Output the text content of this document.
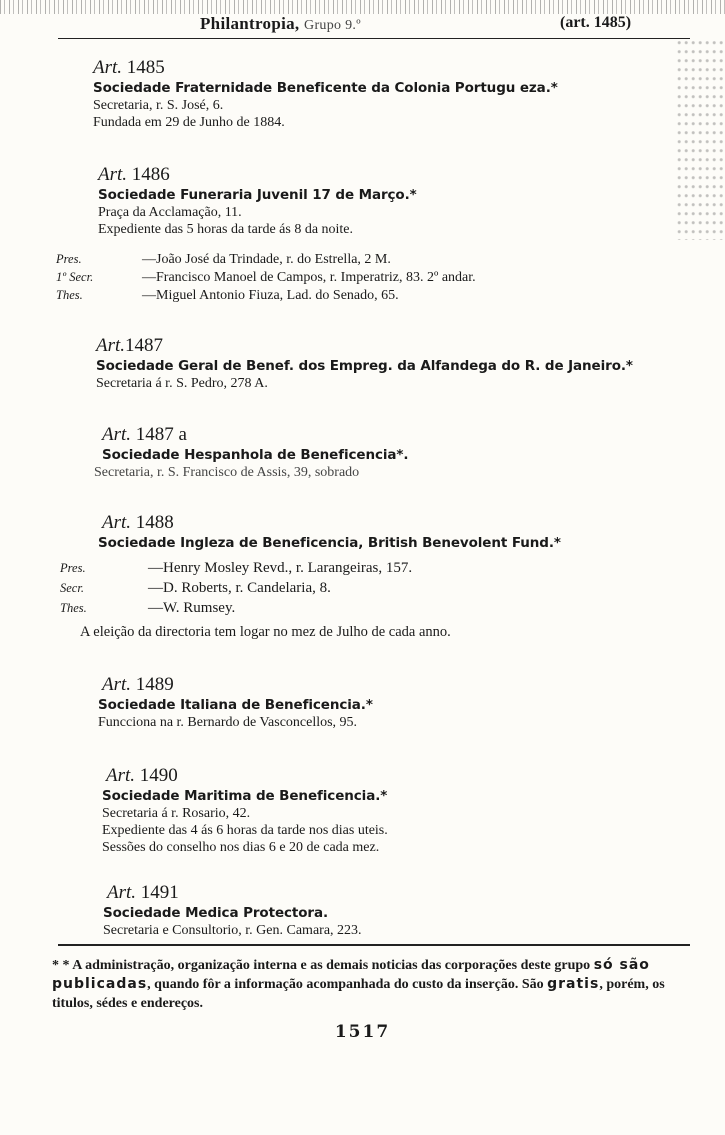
Philantropia, Grupo 9.º	(art. 1485)
Art. 1485
Sociedade Fraternidade Beneficente da Colonia Portugu eza.*
Secretaria, r. S. José, 6.
Fundada em 29 de Junho de 1884.
Art. 1486
Sociedade Funeraria Juvenil 17 de Março.*
Praça da Acclamação, 11.
Expediente das 5 horas da tarde ás 8 da noite.
Pres.	—João José da Trindade, r. do Estrella, 2 M.
1º Secr.	—Francisco Manoel de Campos, r. Imperatriz, 83. 2º andar.
Thes.	—Miguel Antonio Fiuza, Lad. do Senado, 65.
Art.1487
Sociedade Geral de Benef. dos Empreg. da Alfandega do R. de Janeiro.*
Secretaria á r. S. Pedro, 278 A.
Art. 1487 a
Sociedade Hespanhola de Beneficencia*.
Secretaria, r. S. Francisco de Assis, 39, sobrado
Art. 1488
Sociedade Ingleza de Beneficencia, British Benevolent Fund.*
Pres.	—Henry Mosley Revd., r. Larangeiras, 157.
Secr.	—D. Roberts, r. Candelaria, 8.
Thes.	—W. Rumsey.
A eleição da directoria tem logar no mez de Julho de cada anno.
Art. 1489
Sociedade Italiana de Beneficencia.*
Funcciona na r. Bernardo de Vasconcellos, 95.
Art. 1490
Sociedade Maritima de Beneficencia.*
Secretaria á r. Rosario, 42.
Expediente das 4 ás 6 horas da tarde nos dias uteis.
Sessões do conselho nos dias 6 e 20 de cada mez.
Art. 1491
Sociedade Medica Protectora.
Secretaria e Consultorio, r. Gen. Camara, 223.
* * A administração, organização interna e as demais noticias das corporações deste grupo só são publicadas, quando fôr a informação acompanhada do custo da inserção. São gratis, porém, os titulos, sédes e endereços.
1517
